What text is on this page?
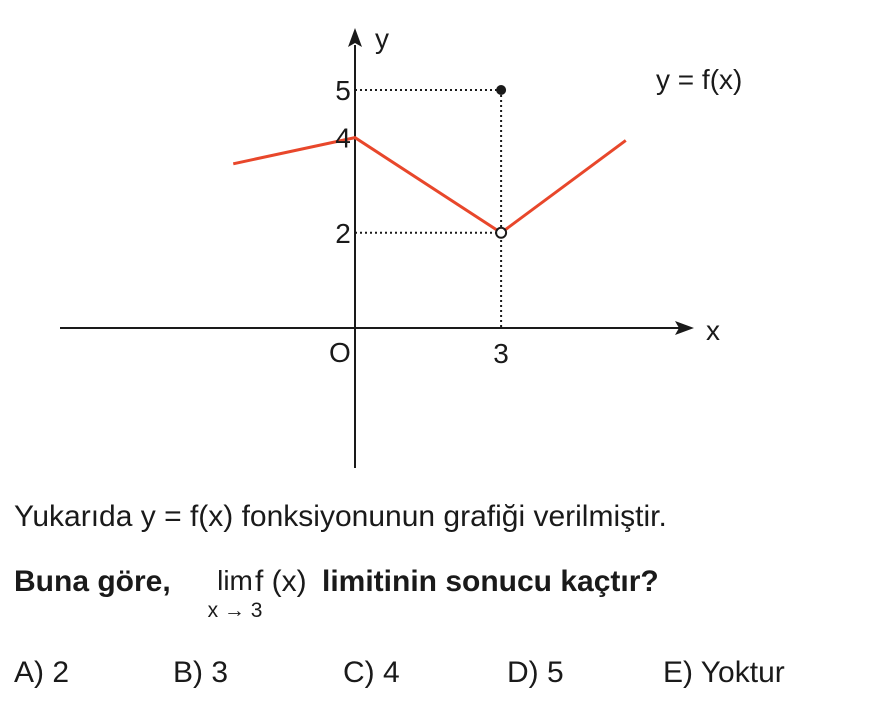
y
x
O
y = f(x)
3
2
4
5
Yukarıda y = f(x) fonksiyonunun grafiği verilmiştir.
Buna göre,	lim
x → 3
f (x) limitinin sonucu kaçtır?
A) 2	B) 3	C) 4	D) 5	E) Yoktur
